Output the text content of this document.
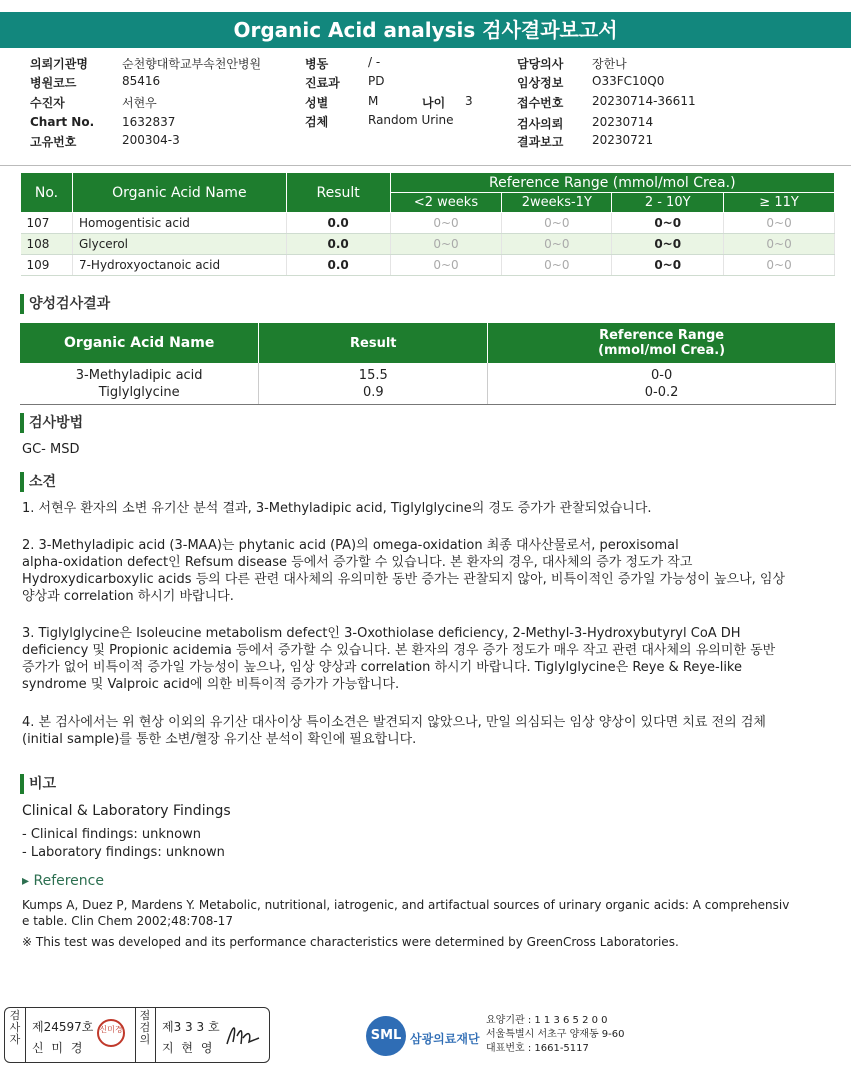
Organic Acid analysis 검사결과보고서
의뢰기관명	순천향대학교부속천안병원
병원코드	85416
수진자	서현우
Chart No. 1632837
고유번호	200304-3
병동	/ -
진료과 PD
성별	M	나이 3
검체	Random Urine
담당의사 장한나
임상정보 O33FC10Q0
접수번호 20230714-36611
검사의뢰 20230714
결과보고 20230721
No.	Organic Acid Name	Result	Reference Range (mmol/mol Crea.)			
			<2 weeks	2weeks-1Y	2 - 10Y	≥ 11Y
107	Homogentisic acid	0.0	0~0	0~0	0~0	0~0
108	Glycerol	0.0	0~0	0~0	0~0	0~0
109	7-Hydroxyoctanoic acid	0.0	0~0	0~0	0~0	0~0
양성검사결과
Organic Acid Name	Result	Reference Range
(mmol/mol Crea.)

3-Methyladipic acid	15.5	0-0
Tiglylglycine	0.9	0-0.2
검사방법
GC- MSD
소견
1. 서현우 환자의 소변 유기산 분석 결과, 3-Methyladipic acid, Tiglylglycine의 경도 증가가 관찰되었습니다.
2. 3-Methyladipic acid (3-MAA)는 phytanic acid (PA)의 omega-oxidation 최종 대사산물로서, peroxisomal
alpha-oxidation defect인 Refsum disease 등에서 증가할 수 있습니다. 본 환자의 경우, 대사체의 증가 정도가 작고
Hydroxydicarboxylic acids 등의 다른 관련 대사체의 유의미한 동반 증가는 관찰되지 않아, 비특이적인 증가일 가능성이 높으나, 임상
양상과 correlation 하시기 바랍니다.
3. Tiglylglycine은 Isoleucine metabolism defect인 3-Oxothiolase deficiency, 2-Methyl-3-Hydroxybutyryl CoA DH
deficiency 및 Propionic acidemia 등에서 증가할 수 있습니다. 본 환자의 경우 증가 정도가 매우 작고 관련 대사체의 유의미한 동반
증가가 없어 비특이적 증가일 가능성이 높으나, 임상 양상과 correlation 하시기 바랍니다. Tiglylglycine은 Reye & Reye-like
syndrome 및 Valproic acid에 의한 비특이적 증가가 가능합니다.
4. 본 검사에서는 위 현상 이외의 유기산 대사이상 특이소견은 발견되지 않았으나, 만일 의심되는 임상 양상이 있다면 치료 전의 검체
(initial sample)를 통한 소변/혈장 유기산 분석이 확인에 필요합니다.
비고
Clinical & Laboratory Findings
- Clinical findings: unknown
- Laboratory findings: unknown
▸ Reference
Kumps A, Duez P, Mardens Y. Metabolic, nutritional, iatrogenic, and artifactual sources of urinary organic acids: A comprehensiv
e table. Clin Chem 2002;48:708-17
※ This test was developed and its performance characteristics were determined by GreenCross Laboratories.
검사자
제24597호
신 미 경
신미경
점검의
제3 3 3 호
지 현 영
SML 삼광의료재단
요양기관 : 1 1 3 6 5 2 0 0
서울특별시 서초구 양재동 9-60
대표번호 : 1661-5117
